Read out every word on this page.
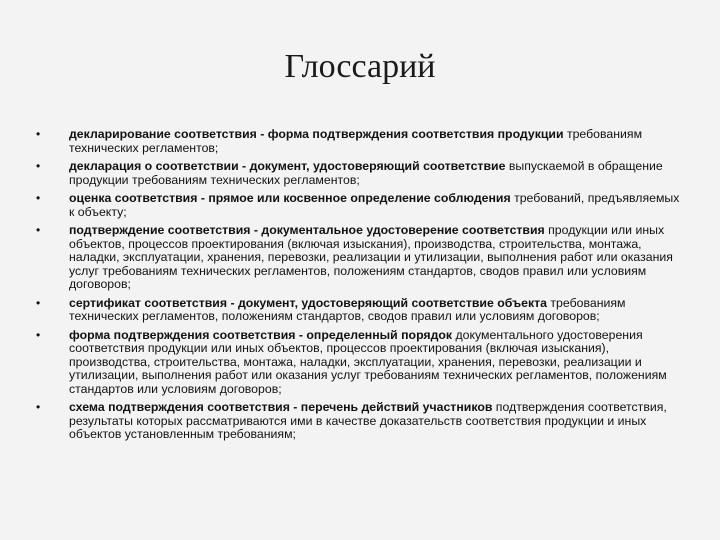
Глоссарий
• декларирование соответствия - форма подтверждения соответствия продукции требованиям технических регламентов;
• декларация о соответствии - документ, удостоверяющий соответствие выпускаемой в обращение продукции требованиям технических регламентов;
• оценка соответствия - прямое или косвенное определение соблюдения требований, предъявляемых к объекту;
• подтверждение соответствия - документальное удостоверение соответствия продукции или иных объектов, процессов проектирования (включая изыскания), производства, строительства, монтажа, наладки, эксплуатации, хранения, перевозки, реализации и утилизации, выполнения работ или оказания услуг требованиям технических регламентов, положениям стандартов, сводов правил или условиям договоров;
• сертификат соответствия - документ, удостоверяющий соответствие объекта требованиям технических регламентов, положениям стандартов, сводов правил или условиям договоров;
• форма подтверждения соответствия - определенный порядок документального удостоверения соответствия продукции или иных объектов, процессов проектирования (включая изыскания), производства, строительства, монтажа, наладки, эксплуатации, хранения, перевозки, реализации и утилизации, выполнения работ или оказания услуг требованиям технических регламентов, положениям стандартов или условиям договоров;
• схема подтверждения соответствия - перечень действий участников подтверждения соответствия, результаты которых рассматриваются ими в качестве доказательств соответствия продукции и иных объектов установленным требованиям;
